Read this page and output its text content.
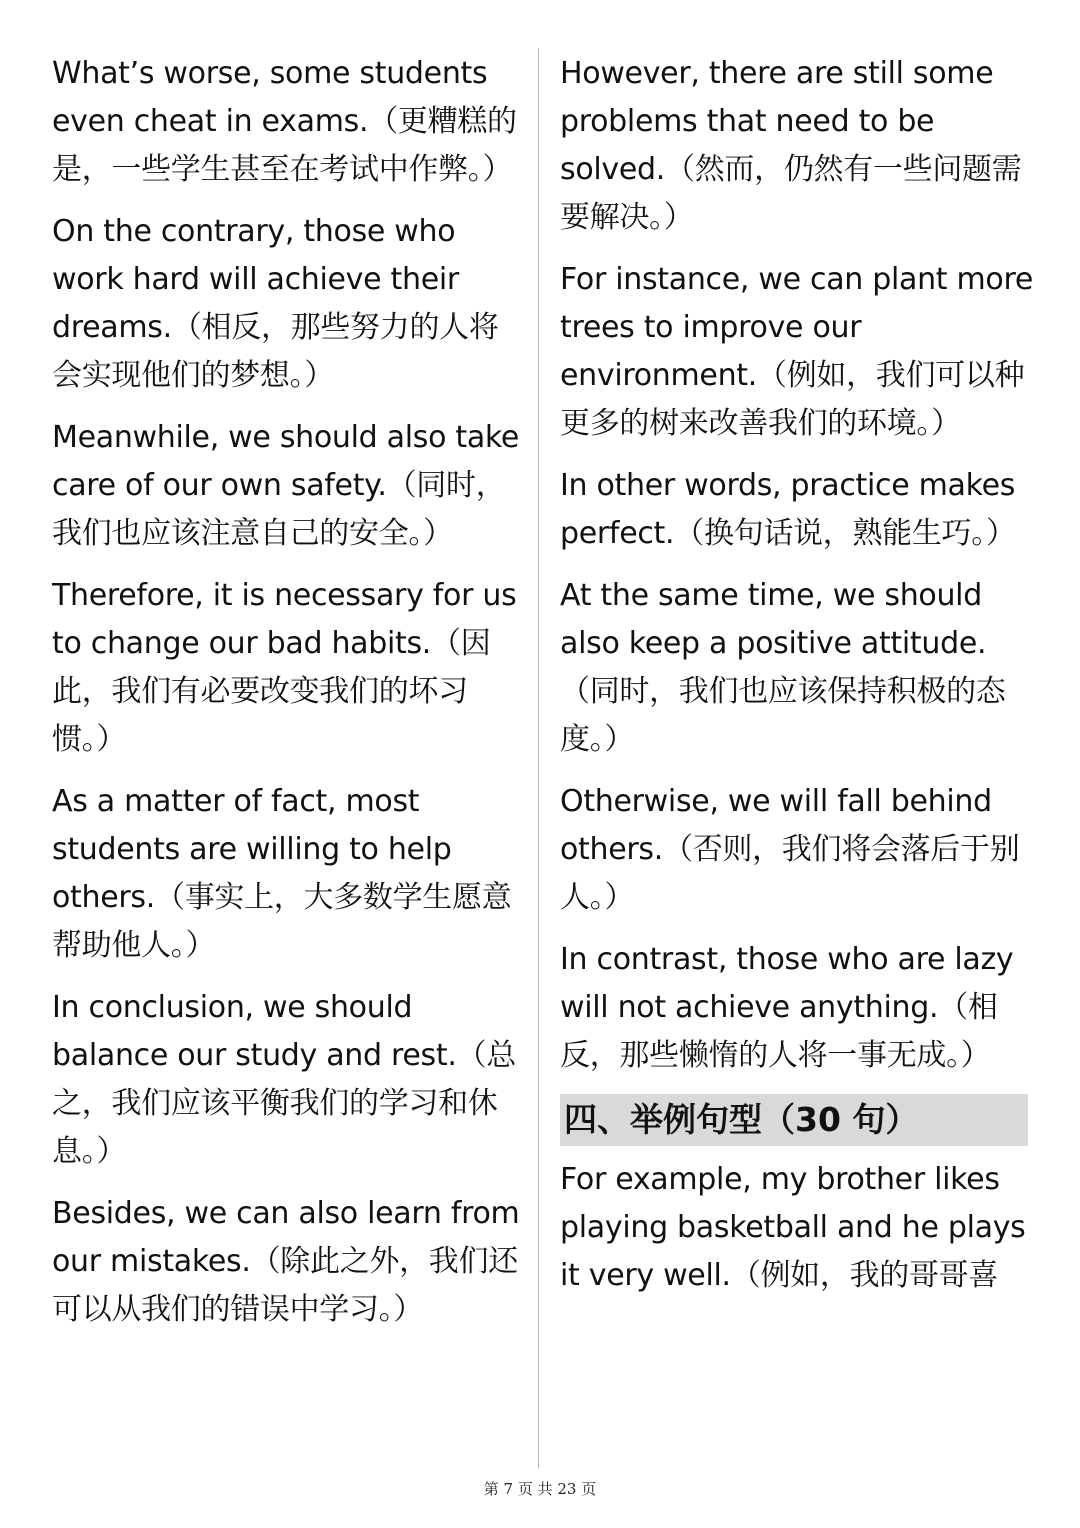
What’s worse, some students even cheat in exams.（更糟糕的是，一些学生甚至在考试中作弊。）

On the contrary, those who work hard will achieve their dreams.（相反，那些努力的人将会实现他们的梦想。）

Meanwhile, we should also take care of our own safety.（同时，我们也应该注意自己的安全。）

Therefore, it is necessary for us to change our bad habits.（因此，我们有必要改变我们的坏习惯。）

As a matter of fact, most students are willing to help others.（事实上，大多数学生愿意帮助他人。）

In conclusion, we should balance our study and rest.（总之，我们应该平衡我们的学习和休息。）

Besides, we can also learn from our mistakes.（除此之外，我们还可以从我们的错误中学习。）

However, there are still some problems that need to be solved.（然而，仍然有一些问题需要解决。）

For instance, we can plant more trees to improve our environment.（例如，我们可以种更多的树来改善我们的环境。）

In other words, practice makes perfect.（换句话说，熟能生巧。）

At the same time, we should also keep a positive attitude.（同时，我们也应该保持积极的态度。）

Otherwise, we will fall behind others.（否则，我们将会落后于别人。）

In contrast, those who are lazy will not achieve anything.（相反，那些懒惰的人将一事无成。）

四、举例句型（30 句）

For example, my brother likes playing basketball and he plays it very well.（例如，我的哥哥喜

第 7 页 共 23 页
